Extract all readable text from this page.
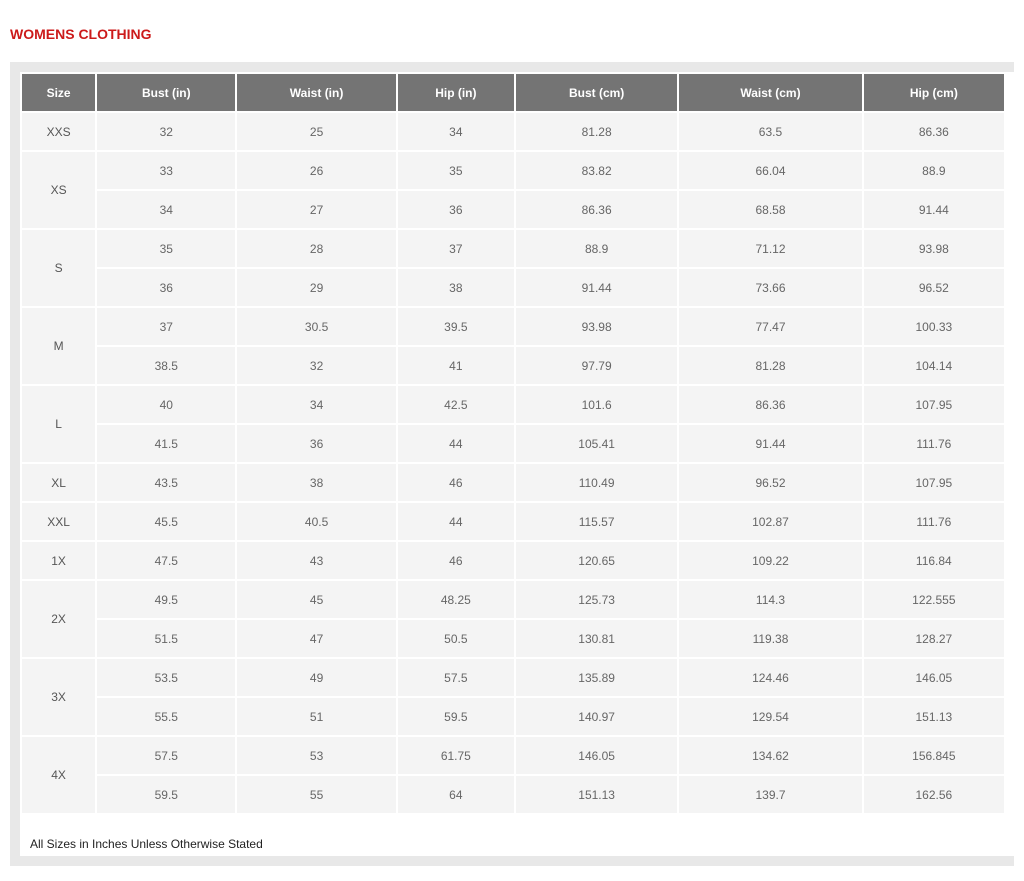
WOMENS CLOTHING
Size	Bust (in)	Waist (in)	Hip (in)	Bust (cm)	Waist (cm)	Hip (cm)
XXS	32	25	34	81.28	63.5	86.36
XS	33	26	35	83.82	66.04	88.9
	34	27	36	86.36	68.58	91.44
S	35	28	37	88.9	71.12	93.98
	36	29	38	91.44	73.66	96.52
M	37	30.5	39.5	93.98	77.47	100.33
	38.5	32	41	97.79	81.28	104.14
L	40	34	42.5	101.6	86.36	107.95
	41.5	36	44	105.41	91.44	111.76
XL	43.5	38	46	110.49	96.52	107.95
XXL	45.5	40.5	44	115.57	102.87	111.76
1X	47.5	43	46	120.65	109.22	116.84
2X	49.5	45	48.25	125.73	114.3	122.555
	51.5	47	50.5	130.81	119.38	128.27
3X	53.5	49	57.5	135.89	124.46	146.05
	55.5	51	59.5	140.97	129.54	151.13
4X	57.5	53	61.75	146.05	134.62	156.845
	59.5	55	64	151.13	139.7	162.56

All Sizes in Inches Unless Otherwise Stated
